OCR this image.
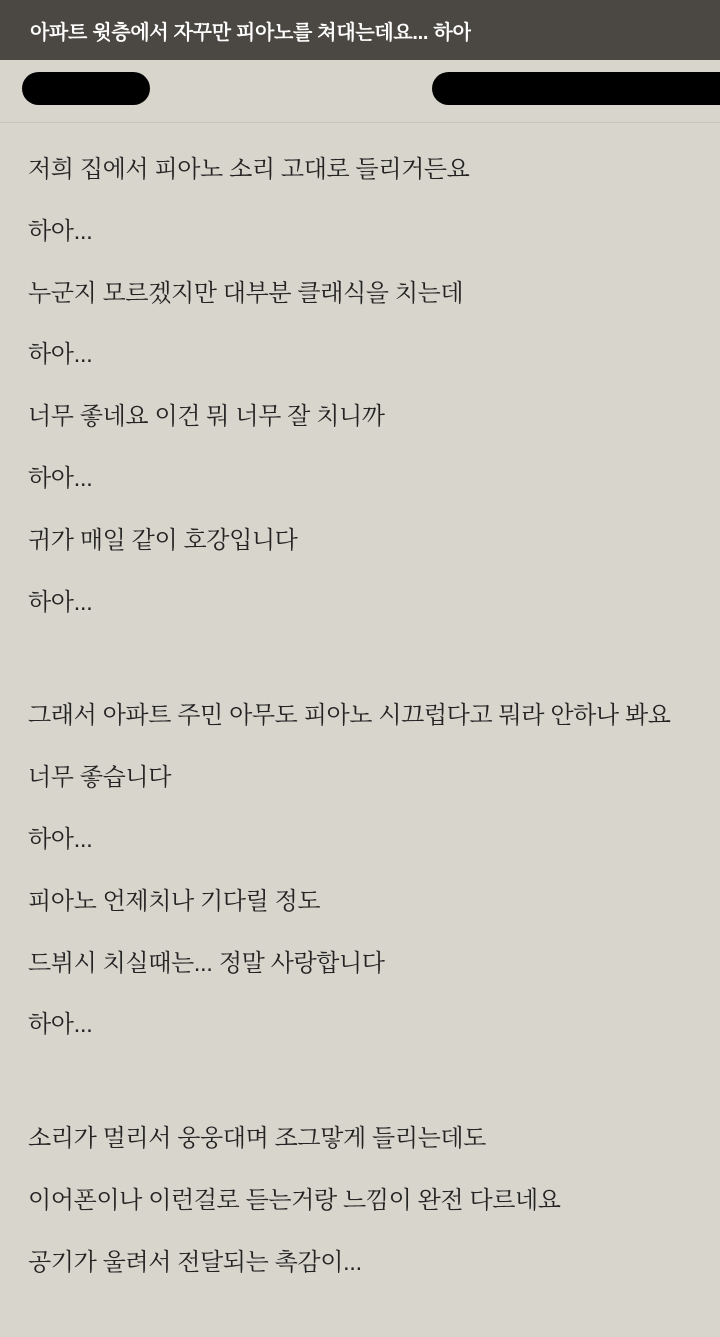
아파트 윗층에서 자꾸만 피아노를 쳐대는데요... 하아

저희 집에서 피아노 소리 고대로 들리거든요

하아...

누군지 모르겠지만 대부분 클래식을 치는데

하아...

너무 좋네요 이건 뭐 너무 잘 치니까

하아...

귀가 매일 같이 호강입니다

하아...

그래서 아파트 주민 아무도 피아노 시끄럽다고 뭐라 안하나 봐요

너무 좋습니다

하아...

피아노 언제치나 기다릴 정도

드뷔시 치실때는... 정말 사랑합니다

하아...

소리가 멀리서 웅웅대며 조그맣게 들리는데도

이어폰이나 이런걸로 듣는거랑 느낌이 완전 다르네요

공기가 울려서 전달되는 촉감이...
